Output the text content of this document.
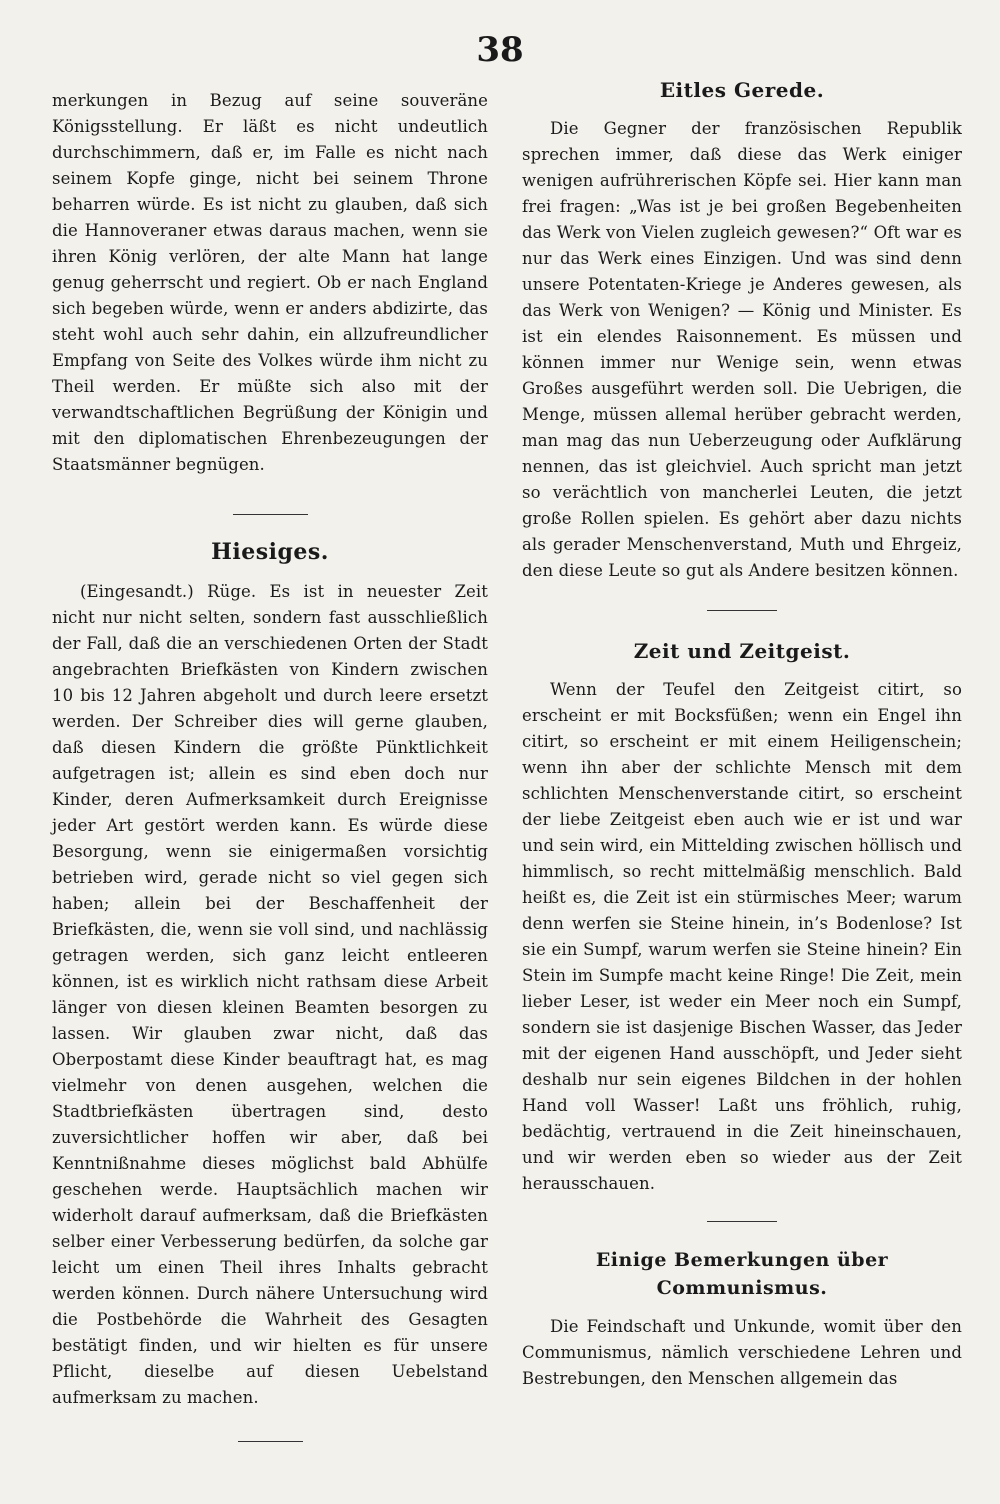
38

merkungen in Bezug auf seine souveräne Königsstellung. Er läßt es nicht undeutlich durchschimmern, daß er, im Falle es nicht nach seinem Kopfe ginge, nicht bei seinem Throne beharren würde. Es ist nicht zu glauben, daß sich die Hannoveraner etwas daraus machen, wenn sie ihren König verlören, der alte Mann hat lange genug geherrscht und regiert. Ob er nach England sich begeben würde, wenn er anders abdizirte, das steht wohl auch sehr dahin, ein allzufreundlicher Empfang von Seite des Volkes würde ihm nicht zu Theil werden. Er müßte sich also mit der verwandtschaftlichen Begrüßung der Königin und mit den diplomatischen Ehrenbezeugungen der Staatsmänner begnügen.

Hiesiges.

(Eingesandt.) Rüge. Es ist in neuester Zeit nicht nur nicht selten, sondern fast ausschließlich der Fall, daß die an verschiedenen Orten der Stadt angebrachten Briefkästen von Kindern zwischen 10 bis 12 Jahren abgeholt und durch leere ersetzt werden. Der Schreiber dies will gerne glauben, daß diesen Kindern die größte Pünktlichkeit aufgetragen ist; allein es sind eben doch nur Kinder, deren Aufmerksamkeit durch Ereignisse jeder Art gestört werden kann. Es würde diese Besorgung, wenn sie einigermaßen vorsichtig betrieben wird, gerade nicht so viel gegen sich haben; allein bei der Beschaffenheit der Briefkästen, die, wenn sie voll sind, und nachlässig getragen werden, sich ganz leicht entleeren können, ist es wirklich nicht rathsam diese Arbeit länger von diesen kleinen Beamten besorgen zu lassen. Wir glauben zwar nicht, daß das Oberpostamt diese Kinder beauftragt hat, es mag vielmehr von denen ausgehen, welchen die Stadtbriefkästen übertragen sind, desto zuversichtlicher hoffen wir aber, daß bei Kenntnißnahme dieses möglichst bald Abhülfe geschehen werde. Hauptsächlich machen wir widerholt darauf aufmerksam, daß die Briefkästen selber einer Verbesserung bedürfen, da solche gar leicht um einen Theil ihres Inhalts gebracht werden können. Durch nähere Untersuchung wird die Postbehörde die Wahrheit des Gesagten bestätigt finden, und wir hielten es für unsere Pflicht, dieselbe auf diesen Uebelstand aufmerksam zu machen.

Eitles Gerede.

Die Gegner der französischen Republik sprechen immer, daß diese das Werk einiger wenigen aufrührerischen Köpfe sei. Hier kann man frei fragen: „Was ist je bei großen Begebenheiten das Werk von Vielen zugleich gewesen?“ Oft war es nur das Werk eines Einzigen. Und was sind denn unsere Potentaten-Kriege je Anderes gewesen, als das Werk von Wenigen? — König und Minister. Es ist ein elendes Raisonnement. Es müssen und können immer nur Wenige sein, wenn etwas Großes ausgeführt werden soll. Die Uebrigen, die Menge, müssen allemal herüber gebracht werden, man mag das nun Ueberzeugung oder Aufklärung nennen, das ist gleichviel. Auch spricht man jetzt so verächtlich von mancherlei Leuten, die jetzt große Rollen spielen. Es gehört aber dazu nichts als gerader Menschenverstand, Muth und Ehrgeiz, den diese Leute so gut als Andere besitzen können.

Zeit und Zeitgeist.

Wenn der Teufel den Zeitgeist citirt, so erscheint er mit Bocksfüßen; wenn ein Engel ihn citirt, so erscheint er mit einem Heiligenschein; wenn ihn aber der schlichte Mensch mit dem schlichten Menschenverstande citirt, so erscheint der liebe Zeitgeist eben auch wie er ist und war und sein wird, ein Mittelding zwischen höllisch und himmlisch, so recht mittelmäßig menschlich. Bald heißt es, die Zeit ist ein stürmisches Meer; warum denn werfen sie Steine hinein, in’s Bodenlose? Ist sie ein Sumpf, warum werfen sie Steine hinein? Ein Stein im Sumpfe macht keine Ringe! Die Zeit, mein lieber Leser, ist weder ein Meer noch ein Sumpf, sondern sie ist dasjenige Bischen Wasser, das Jeder mit der eigenen Hand ausschöpft, und Jeder sieht deshalb nur sein eigenes Bildchen in der hohlen Hand voll Wasser! Laßt uns fröhlich, ruhig, bedächtig, vertrauend in die Zeit hineinschauen, und wir werden eben so wieder aus der Zeit herausschauen.

Einige Bemerkungen über Communismus.

Die Feindschaft und Unkunde, womit über den Communismus, nämlich verschiedene Lehren und Bestrebungen, den Menschen allgemein das
